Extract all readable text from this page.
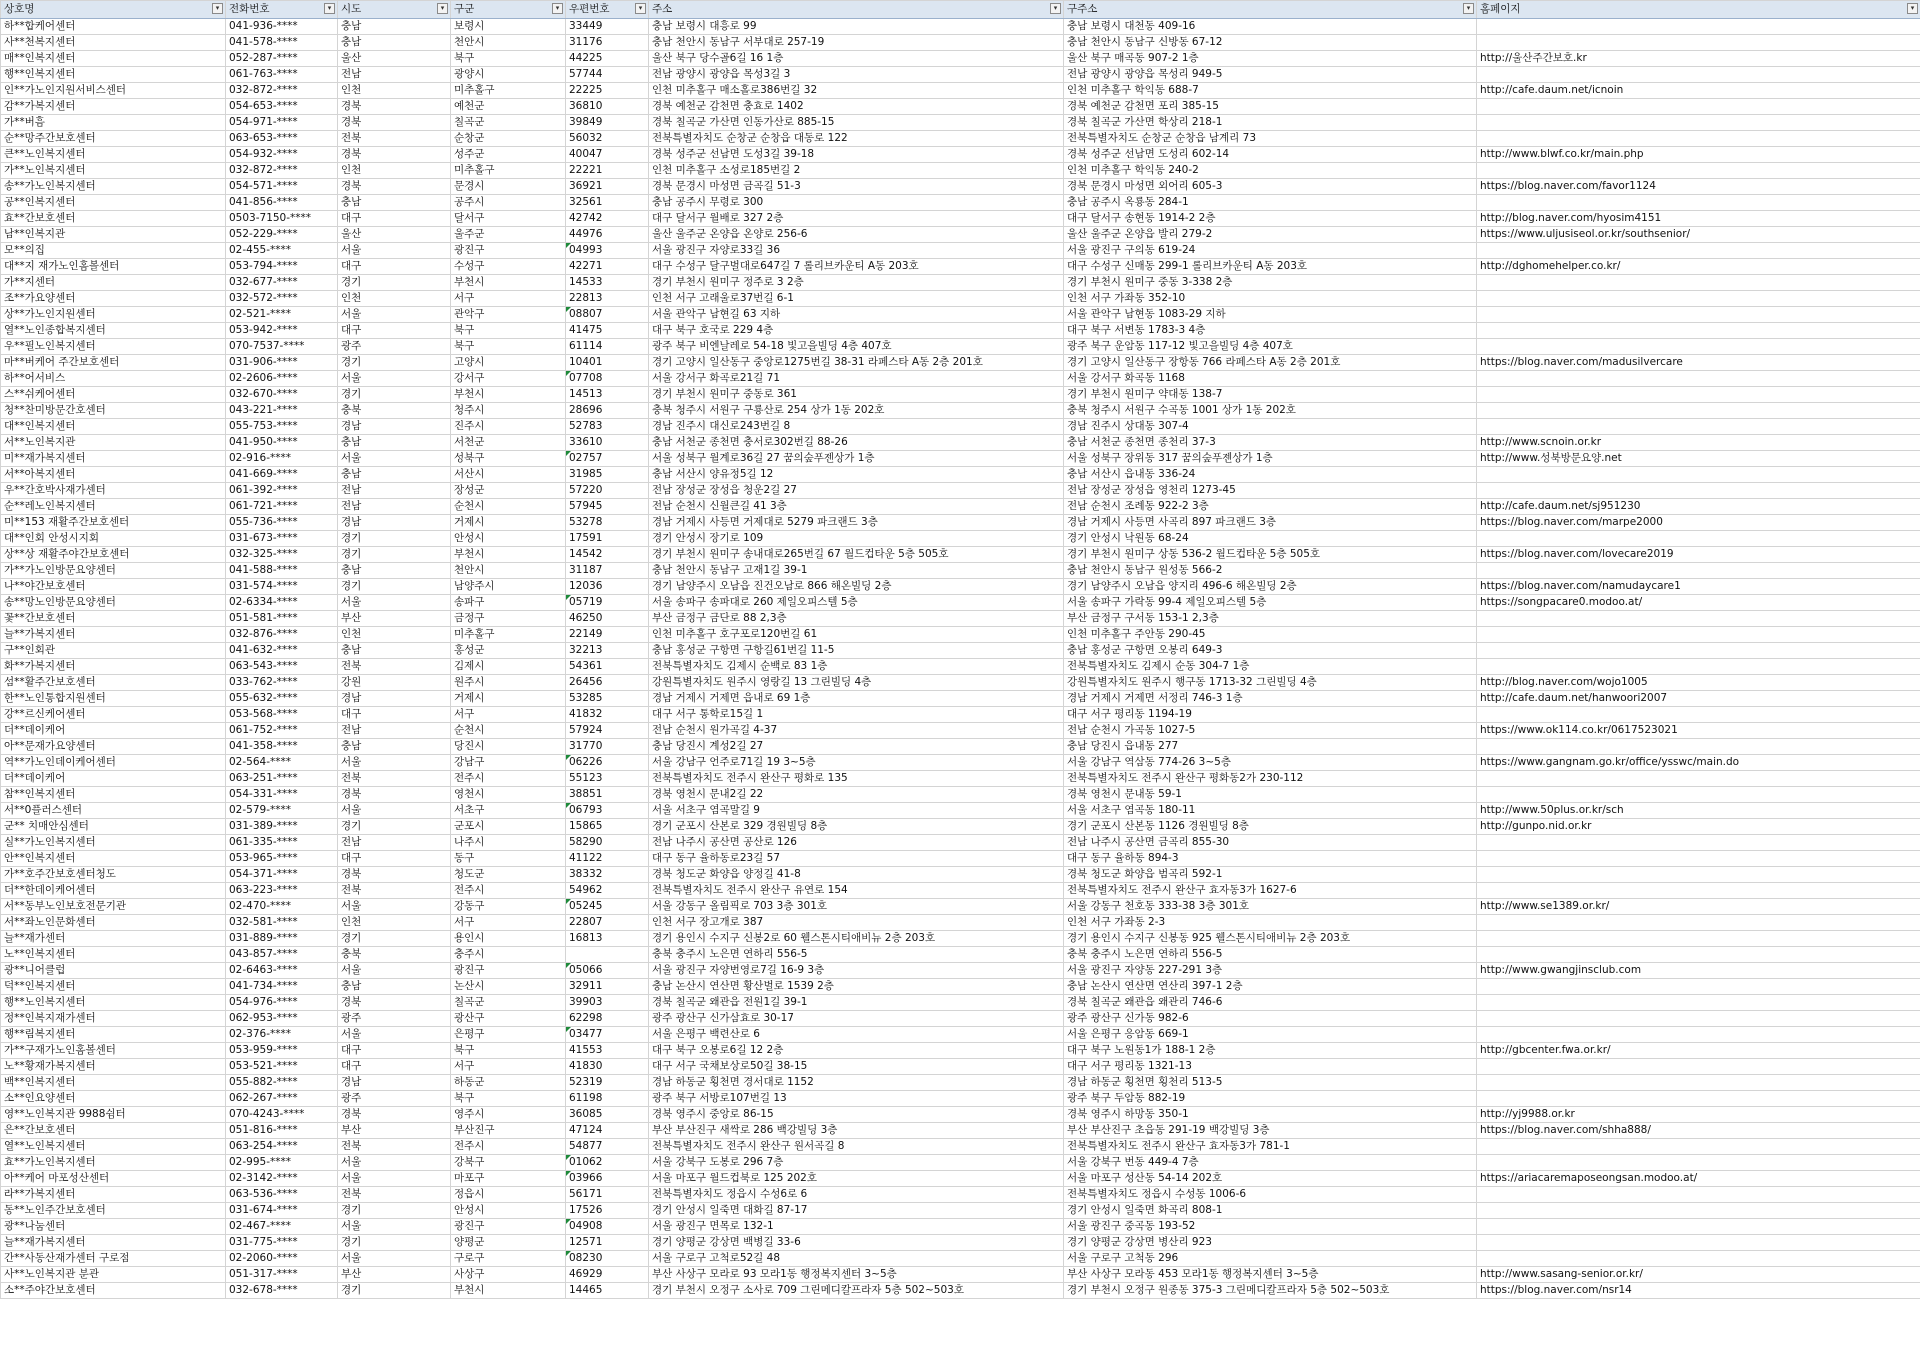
상호명 ▾	전화번호 ▾	시도 ▾	구군 ▾	우편번호 ▾	주소 ▾	구주소 ▾	홈페이지 ▾

하**합케어센터	041-936-****	충남	보령시	33449	충남 보령시 대흥로 99	충남 보령시 대천동 409-16	
사**천복지센터	041-578-****	충남	천안시	31176	충남 천안시 동남구 서부대로 257-19	충남 천안시 동남구 신방동 67-12	
매**인복지센터	052-287-****	울산	북구	44225	울산 북구 당수골6길 16 1층	울산 북구 매곡동 907-2 1층	http://울산주간보호.kr
행**인복지센터	061-763-****	전남	광양시	57744	전남 광양시 광양읍 목성3길 3	전남 광양시 광양읍 목성리 949-5	
인**가노인지원서비스센터	032-872-****	인천	미추홀구	22225	인천 미추홀구 매소홀로386번길 32	인천 미추홀구 학익동 688-7	http://cafe.daum.net/icnoin
감**가복지센터	054-653-****	경북	예천군	36810	경북 예천군 감천면 충효로 1402	경북 예천군 감천면 포리 385-15	
가**버흠	054-971-****	경북	칠곡군	39849	경북 칠곡군 가산면 인동가산로 885-15	경북 칠곡군 가산면 학상리 218-1	
순**망주간보호센터	063-653-****	전북	순창군	56032	전북특별자치도 순창군 순창읍 대동로 122	전북특별자치도 순창군 순창읍 남계리 73	
큰**노인복지센터	054-932-****	경북	성주군	40047	경북 성주군 선남면 도성3길 39-18	경북 성주군 선남면 도성리 602-14	http://www.blwf.co.kr/main.php
가**노인복지센터	032-872-****	인천	미추홀구	22221	인천 미추홀구 소성로185번길 2	인천 미추홀구 학익동 240-2	
송**가노인복지센터	054-571-****	경북	문경시	36921	경북 문경시 마성면 금곡길 51-3	경북 문경시 마성면 외어리 605-3	https://blog.naver.com/favor1124
공**인복지센터	041-856-****	충남	공주시	32561	충남 공주시 무령로 300	충남 공주시 옥룡동 284-1	
효**간보호센터	0503-7150-****	대구	달서구	42742	대구 달서구 월배로 327 2층	대구 달서구 송현동 1914-2 2층	http://blog.naver.com/hyosim4151
남**인복지관	052-229-****	울산	울주군	44976	울산 울주군 온양읍 온양로 256-6	울산 울주군 온양읍 발리 279-2	https://www.uljusiseol.or.kr/southsenior/
모**의집	02-455-****	서울	광진구	04993	서울 광진구 자양로33길 36	서울 광진구 구의동 619-24	
대**지 재가노인홈볼센터	053-794-****	대구	수성구	42271	대구 수성구 달구벌대로647길 7 롤리브카운티 A동 203호	대구 수성구 신매동 299-1 롤리브카운티 A동 203호	http://dghomehelper.co.kr/
가**지센터	032-677-****	경기	부천시	14533	경기 부천시 원미구 정주로 3 2층	경기 부천시 원미구 중동 3-338 2층	
조**가요양센터	032-572-****	인천	서구	22813	인천 서구 고래울로37번길 6-1	인천 서구 가좌동 352-10	
상**가노인지원센터	02-521-****	서울	관악구	08807	서울 관악구 남현길 63 지하	서울 관악구 남현동 1083-29 지하	
열**노인종합복지센터	053-942-****	대구	북구	41475	대구 북구 호국로 229 4층	대구 북구 서변동 1783-3 4층	
우**필노인복지센터	070-7537-****	광주	북구	61114	광주 북구 비엔날레로 54-18 빛고을빌딩 4층 407호	광주 북구 운암동 117-12 빛고을빌딩 4층 407호	
마**버케어 주간보호센터	031-906-****	경기	고양시	10401	경기 고양시 일산동구 중앙로1275번길 38-31 라페스타 A동 2층 201호	경기 고양시 일산동구 장항동 766 라페스타 A동 2층 201호	https://blog.naver.com/madusilvercare
하**어서비스	02-2606-****	서울	강서구	07708	서울 강서구 화곡로21길 71	서울 강서구 화곡동 1168	
스**쉬케어센터	032-670-****	경기	부천시	14513	경기 부천시 원미구 중동로 361	경기 부천시 원미구 약대동 138-7	
청**찬미방문간호센터	043-221-****	충북	청주시	28696	충북 청주시 서원구 구룡산로 254 상가 1동 202호	충북 청주시 서원구 수곡동 1001 상가 1동 202호	
대**인복지센터	055-753-****	경남	진주시	52783	경남 진주시 대신로243번길 8	경남 진주시 상대동 307-4	
서**노인복지관	041-950-****	충남	서천군	33610	충남 서천군 종천면 충서로302번길 88-26	충남 서천군 종천면 종천리 37-3	http://www.scnoin.or.kr
미**재가복지센터	02-916-****	서울	성북구	02757	서울 성북구 월계로36길 27 꿈의숲푸젠상가 1층	서울 성북구 장위동 317 꿈의숲푸젠상가 1층	http://www.성북방문요양.net
서**아복지센터	041-669-****	충남	서산시	31985	충남 서산시 양유정5길 12	충남 서산시 읍내동 336-24	
우**간호박사재가센터	061-392-****	전남	장성군	57220	전남 장성군 장성읍 청운2길 27	전남 장성군 장성읍 영천리 1273-45	
순**레노인복지센터	061-721-****	전남	순천시	57945	전남 순천시 신월큰길 41 3층	전남 순천시 조례동 922-2 3층	http://cafe.daum.net/sj951230
미**153 재활주간보호센터	055-736-****	경남	거제시	53278	경남 거제시 사등면 거제대로 5279 파크랜드 3층	경남 거제시 사등면 사곡리 897 파크랜드 3층	https://blog.naver.com/marpe2000
대**인회 안성시지회	031-673-****	경기	안성시	17591	경기 안성시 장기로 109	경기 안성시 낙원동 68-24	
상**상 재활주야간보호센터	032-325-****	경기	부천시	14542	경기 부천시 원미구 송내대로265번길 67 월드컵타운 5층 505호	경기 부천시 원미구 상동 536-2 월드컵타운 5층 505호	https://blog.naver.com/lovecare2019
가**가노인방문요양센터	041-588-****	충남	천안시	31187	충남 천안시 동남구 고재1길 39-1	충남 천안시 동남구 원성동 566-2	
나**야간보호센터	031-574-****	경기	남양주시	12036	경기 남양주시 오남읍 진건오남로 866 해온빌딩 2층	경기 남양주시 오남읍 양지리 496-6 해온빌딩 2층	https://blog.naver.com/namudaycare1
송**망노인방문요양센터	02-6334-****	서울	송파구	05719	서울 송파구 송파대로 260 제일오피스텔 5층	서울 송파구 가락동 99-4 제일오피스텔 5층	https://songpacare0.modoo.at/
꽃**간보호센터	051-581-****	부산	금정구	46250	부산 금정구 금단로 88 2,3층	부산 금정구 구서동 153-1 2,3층	
늘**가복지센터	032-876-****	인천	미추홀구	22149	인천 미추홀구 호구포로120번길 61	인천 미추홀구 주안동 290-45	
구**인회관	041-632-****	충남	홍성군	32213	충남 홍성군 구항면 구항길61번길 11-5	충남 홍성군 구항면 오봉리 649-3	
화**가복지센터	063-543-****	전북	김제시	54361	전북특별자치도 김제시 순백로 83 1층	전북특별자치도 김제시 순동 304-7 1층	
섬**활주간보호센터	033-762-****	강원	원주시	26456	강원특별자치도 원주시 영랑길 13 그린빌딩 4층	강원특별자치도 원주시 행구동 1713-32 그린빌딩 4층	http://blog.naver.com/wojo1005
한**노인통합지원센터	055-632-****	경남	거제시	53285	경남 거제시 거제면 읍내로 69 1층	경남 거제시 거제면 서정리 746-3 1층	http://cafe.daum.net/hanwoori2007
강**르신케어센터	053-568-****	대구	서구	41832	대구 서구 통학로15길 1	대구 서구 평리동 1194-19	
더**데이케어	061-752-****	전남	순천시	57924	전남 순천시 원가곡길 4-37	전남 순천시 가곡동 1027-5	https://www.ok114.co.kr/0617523021
아**문재가요양센터	041-358-****	충남	당진시	31770	충남 당진시 계성2길 27	충남 당진시 읍내동 277	
역**가노인데이케어센터	02-564-****	서울	강남구	06226	서울 강남구 언주로71길 19 3~5층	서울 강남구 역삼동 774-26 3~5층	https://www.gangnam.go.kr/office/ysswc/main.do
더**데이케어	063-251-****	전북	전주시	55123	전북특별자치도 전주시 완산구 평화로 135	전북특별자치도 전주시 완산구 평화동2가 230-112	
참**인복지센터	054-331-****	경북	영천시	38851	경북 영천시 문내2길 22	경북 영천시 문내동 59-1	
서**0플러스센터	02-579-****	서울	서초구	06793	서울 서초구 염곡말길 9	서울 서초구 염곡동 180-11	http://www.50plus.or.kr/sch
군** 치매안심센터	031-389-****	경기	군포시	15865	경기 군포시 산본로 329 경원빌딩 8층	경기 군포시 산본동 1126 경원빌딩 8층	http://gunpo.nid.or.kr
실**가노인복지센터	061-335-****	전남	나주시	58290	전남 나주시 공산면 공산로 126	전남 나주시 공산면 금곡리 855-30	
안**인복지센터	053-965-****	대구	동구	41122	대구 동구 율하동로23길 57	대구 동구 율하동 894-3	
가**호주간보호센터청도	054-371-****	경북	청도군	38332	경북 청도군 화양읍 양정길 41-8	경북 청도군 화양읍 범곡리 592-1	
더**한데이케어센터	063-223-****	전북	전주시	54962	전북특별자치도 전주시 완산구 유연로 154	전북특별자치도 전주시 완산구 효자동3가 1627-6	
서**동부노인보호전문기관	02-470-****	서울	강동구	05245	서울 강동구 올림픽로 703 3층 301호	서울 강동구 천호동 333-38 3층 301호	http://www.se1389.or.kr/
서**좌노인문화센터	032-581-****	인천	서구	22807	인천 서구 장고개로 387	인천 서구 가좌동 2-3	
늘**재가센터	031-889-****	경기	용인시	16813	경기 용인시 수지구 신봉2로 60 웰스톤시티애비뉴 2층 203호	경기 용인시 수지구 신봉동 925 웰스톤시티애비뉴 2층 203호	
노**인복지센터	043-857-****	충북	충주시		충북 충주시 노은면 연하리 556-5	충북 충주시 노은면 연하리 556-5	
광**니어클럽	02-6463-****	서울	광진구	05066	서울 광진구 자양번영로7길 16-9 3층	서울 광진구 자양동 227-291 3층	http://www.gwangjinsclub.com
덕**인복지센터	041-734-****	충남	논산시	32911	충남 논산시 연산면 황산벌로 1539 2층	충남 논산시 연산면 연산리 397-1 2층	
행**노인복지센터	054-976-****	경북	칠곡군	39903	경북 칠곡군 왜관읍 전원1길 39-1	경북 칠곡군 왜관읍 왜관리 746-6	
정**인복지재가센터	062-953-****	광주	광산구	62298	광주 광산구 신가삼효로 30-17	광주 광산구 신가동 982-6	
행**림복지센터	02-376-****	서울	은평구	03477	서울 은평구 백련산로 6	서울 은평구 응암동 669-1	
가**구재가노인홈볼센터	053-959-****	대구	북구	41553	대구 북구 오봉로6길 12 2층	대구 북구 노원동1가 188-1 2층	http://gbcenter.fwa.or.kr/
노**황재가복지센터	053-521-****	대구	서구	41830	대구 서구 국채보상로50길 38-15	대구 서구 평리동 1321-13	
백**인복지센터	055-882-****	경남	하동군	52319	경남 하동군 횡천면 경서대로 1152	경남 하동군 횡천면 횡천리 513-5	
소**인요양센터	062-267-****	광주	북구	61198	광주 북구 서방로107번길 13	광주 북구 두암동 882-19	
영**노인복지관 9988쉼터	070-4243-****	경북	영주시	36085	경북 영주시 중앙로 86-15	경북 영주시 하망동 350-1	http://yj9988.or.kr
은**간보호센터	051-816-****	부산	부산진구	47124	부산 부산진구 새싹로 286 백강빌딩 3층	부산 부산진구 초읍동 291-19 백강빌딩 3층	https://blog.naver.com/shha888/
열**노인복지센터	063-254-****	전북	전주시	54877	전북특별자치도 전주시 완산구 원서곡길 8	전북특별자치도 전주시 완산구 효자동3가 781-1	
효**가노인복지센터	02-995-****	서울	강북구	01062	서울 강북구 도봉로 296 7층	서울 강북구 번동 449-4 7층	
아**케어 마포성산센터	02-3142-****	서울	마포구	03966	서울 마포구 월드컵북로 125 202호	서울 마포구 성산동 54-14 202호	https://ariacaremaposeongsan.modoo.at/
라**가복지센터	063-536-****	전북	정읍시	56171	전북특별자치도 정읍시 수성6로 6	전북특별자치도 정읍시 수성동 1006-6	
동**노인주간보호센터	031-674-****	경기	안성시	17526	경기 안성시 일죽면 대화길 87-17	경기 안성시 일죽면 화곡리 808-1	
광**나눔센터	02-467-****	서울	광진구	04908	서울 광진구 면목로 132-1	서울 광진구 중곡동 193-52	
늘**재가복지센터	031-775-****	경기	양평군	12571	경기 양평군 강상면 백병길 33-6	경기 양평군 강상면 병산리 923	
간**사동산재가센터 구로점	02-2060-****	서울	구로구	08230	서울 구로구 고척로52길 48	서울 구로구 고척동 296	
사**노인복지관 분관	051-317-****	부산	사상구	46929	부산 사상구 모라로 93 모라1동 행정복지센터 3~5층	부산 사상구 모라동 453 모라1동 행정복지센터 3~5층	http://www.sasang-senior.or.kr/
소**주야간보호센터	032-678-****	경기	부천시	14465	경기 부천시 오정구 소사로 709 그린메디칼프라자 5층 502~503호	경기 부천시 오정구 원종동 375-3 그린메디칼프라자 5층 502~503호	https://blog.naver.com/nsr14
